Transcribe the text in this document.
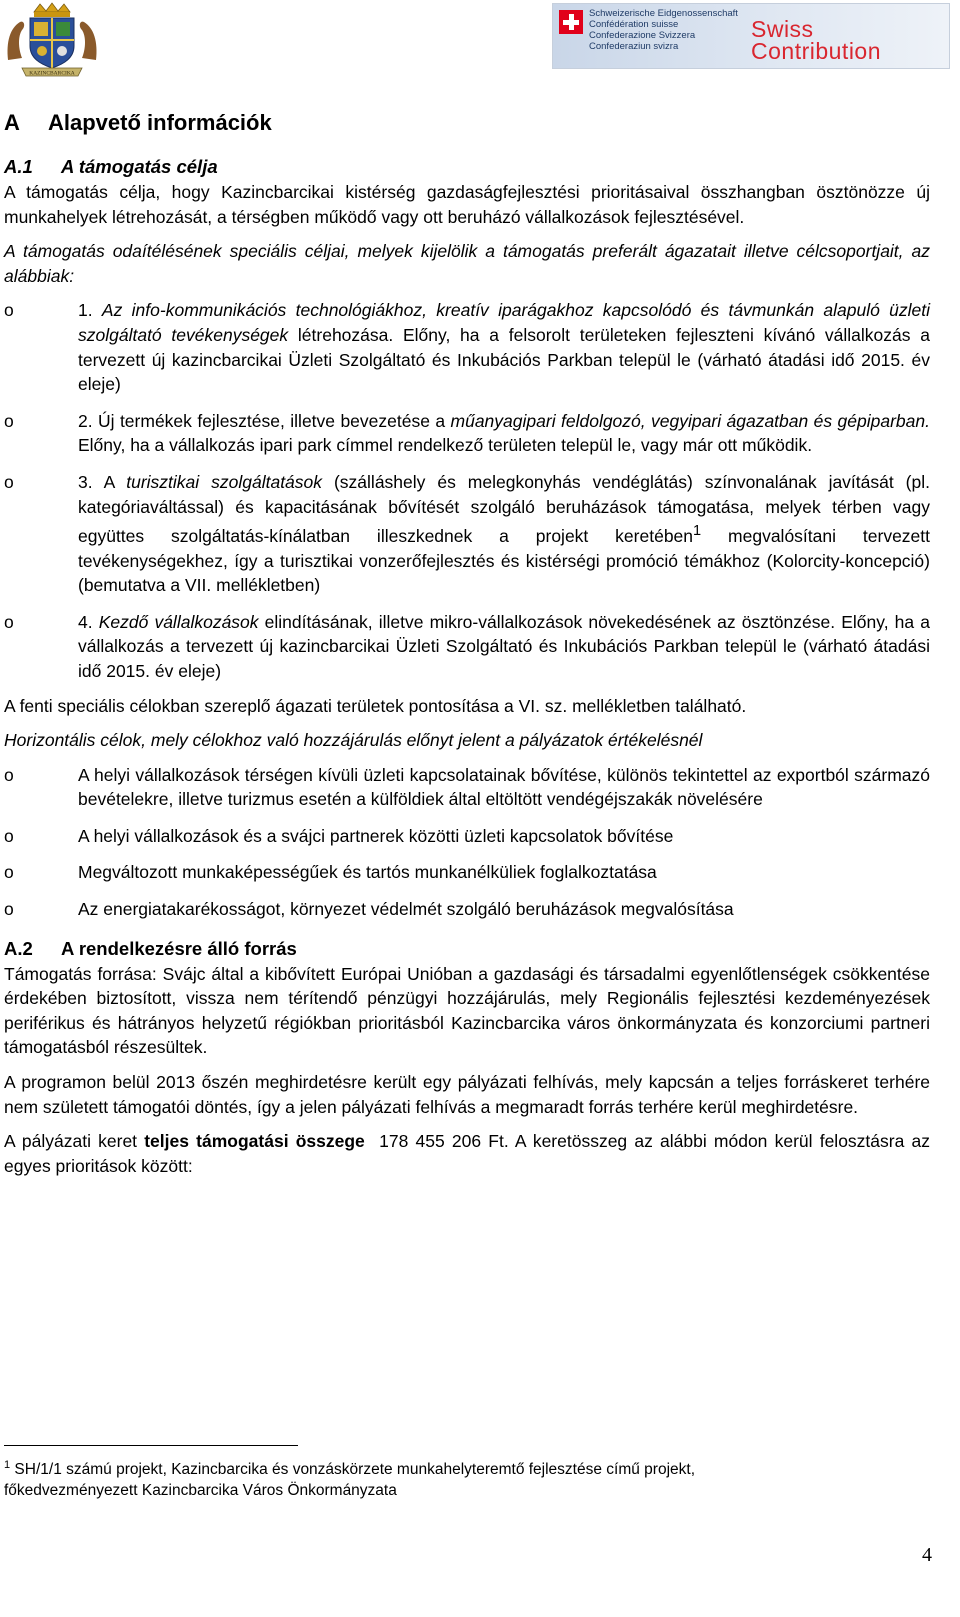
KAZINCBARCIKA
Schweizerische Eidgenossenschaft
Confédération suisse
Confederazione Svizzera
Confederaziun svizra
Swiss
Contribution
A Alapvető információk
A.1 A támogatás célja

A támogatás célja, hogy Kazincbarcikai kistérség gazdaságfejlesztési prioritásaival összhangban ösztönözze új munkahelyek létrehozását, a térségben működő vagy ott beruházó vállalkozások fejlesztésével.

A támogatás odaítélésének speciális céljai, melyek kijelölik a támogatás preferált ágazatait illetve célcsoportjait, az alábbiak:

o	1. Az info-kommunikációs technológiákhoz, kreatív iparágakhoz kapcsolódó és távmunkán alapuló üzleti szolgáltató tevékenységek létrehozása. Előny, ha a felsorolt területeken fejleszteni kívánó vállalkozás a tervezett új kazincbarcikai Üzleti Szolgáltató és Inkubációs Parkban települ le (várható átadási idő 2015. év eleje)
o	2. Új termékek fejlesztése, illetve bevezetése a műanyagipari feldolgozó, vegyipari ágazatban és gépiparban. Előny, ha a vállalkozás ipari park címmel rendelkező területen települ le, vagy már ott működik.
o	3. A turisztikai szolgáltatások (szálláshely és melegkonyhás vendéglátás) színvonalának javítását (pl. kategóriaváltással) és kapacitásának bővítését szolgáló beruházások támogatása, melyek térben vagy együttes szolgáltatás-kínálatban illeszkednek a projekt keretében$^1$ megvalósítani tervezett tevékenységekhez, így a turisztikai vonzerőfejlesztés és kistérségi promóció témákhoz (Kolorcity-koncepció) (bemutatva a VII. mellékletben)
o	4. Kezdő vállalkozások elindításának, illetve mikro-vállalkozások növekedésének az ösztönzése. Előny, ha a vállalkozás a tervezett új kazincbarcikai Üzleti Szolgáltató és Inkubációs Parkban települ le (várható átadási idő 2015. év eleje)

A fenti speciális célokban szereplő ágazati területek pontosítása a VI. sz. mellékletben található.

Horizontális célok, mely célokhoz való hozzájárulás előnyt jelent a pályázatok értékelésnél

o	A helyi vállalkozások térségen kívüli üzleti kapcsolatainak bővítése, különös tekintettel az exportból származó bevételekre, illetve turizmus esetén a külföldiek által eltöltött vendégéjszakák növelésére
o	A helyi vállalkozások és a svájci partnerek közötti üzleti kapcsolatok bővítése
o	Megváltozott munkaképességűek és tartós munkanélküliek foglalkoztatása
o	Az energiatakarékosságot, környezet védelmét szolgáló beruházások megvalósítása
A.2 A rendelkezésre álló forrás

Támogatás forrása: Svájc által a kibővített Európai Unióban a gazdasági és társadalmi egyenlőtlenségek csökkentése érdekében biztosított, vissza nem térítendő pénzügyi hozzájárulás, mely Regionális fejlesztési kezdeményezések periférikus és hátrányos helyzetű régiókban prioritásból Kazincbarcika város önkormányzata és konzorciumi partneri támogatásból részesültek.

A programon belül 2013 őszén meghirdetésre került egy pályázati felhívás, mely kapcsán a teljes forráskeret terhére nem született támogatói döntés, így a jelen pályázati felhívás a megmaradt forrás terhére kerül meghirdetésre.

A pályázati keret teljes támogatási összege  178 455 206 Ft. A keretösszeg az alábbi módon kerül felosztásra az egyes prioritások között:

$^1$ SH/1/1 számú projekt, Kazincbarcika és vonzáskörzete munkahelyteremtő fejlesztése című projekt,
főkedvezményezett Kazincbarcika Város Önkormányzata
4
